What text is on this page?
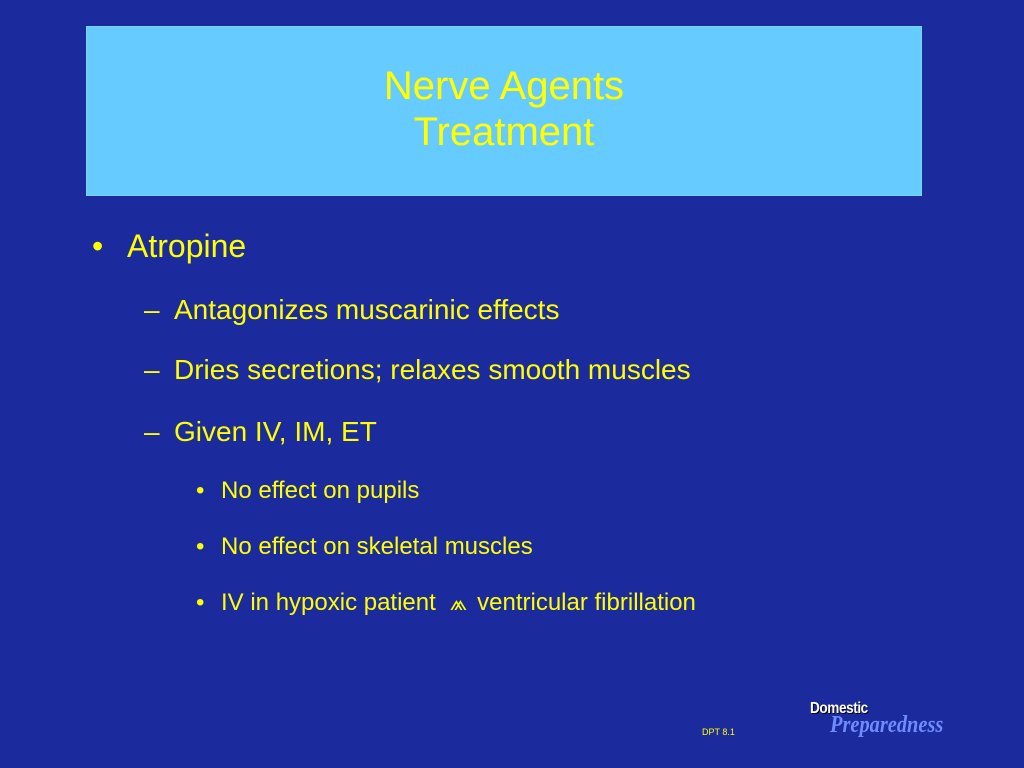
Nerve Agents
Treatment
• Atropine
– Antagonizes muscarinic effects
– Dries secretions; relaxes smooth muscles
– Given IV, IM, ET
• No effect on pupils
• No effect on skeletal muscles
• IV in hypoxic patient ⩕ ventricular fibrillation
DPT 8.1
Domestic
Preparedness
